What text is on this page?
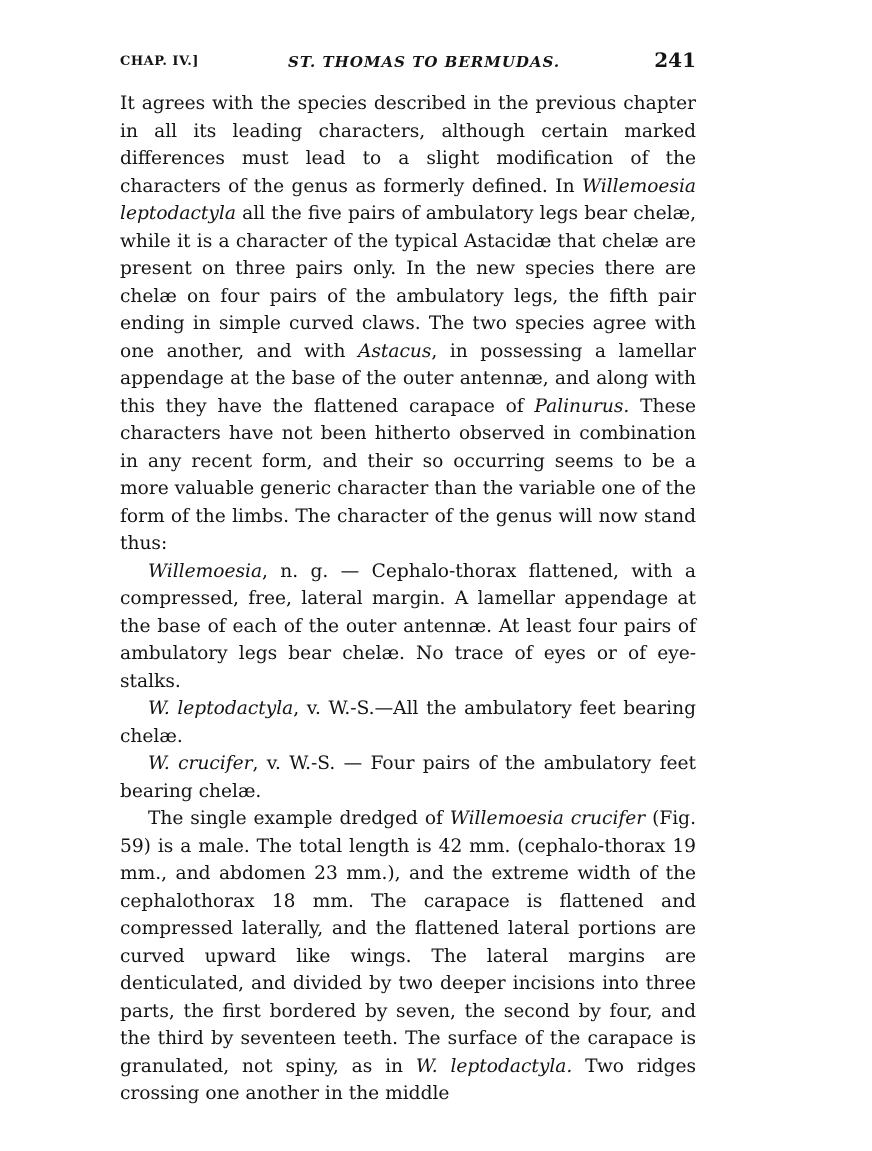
CHAP. IV.]	ST. THOMAS TO BERMUDAS.	241

It agrees with the species described in the previous chapter in all its leading characters, although certain marked differences must lead to a slight modification of the characters of the genus as formerly defined. In Willemoesia leptodactyla all the five pairs of ambulatory legs bear chelæ, while it is a character of the typical Astacidæ that chelæ are present on three pairs only. In the new species there are chelæ on four pairs of the ambulatory legs, the fifth pair ending in simple curved claws. The two species agree with one another, and with Astacus, in possessing a lamellar appendage at the base of the outer antennæ, and along with this they have the flattened carapace of Palinurus. These characters have not been hitherto observed in combination in any recent form, and their so occurring seems to be a more valuable generic character than the variable one of the form of the limbs. The character of the genus will now stand thus:

Willemoesia, n. g. — Cephalo-thorax flattened, with a compressed, free, lateral margin. A lamellar appendage at the base of each of the outer antennæ. At least four pairs of ambulatory legs bear chelæ. No trace of eyes or of eye-stalks.

W. leptodactyla, v. W.-S.—All the ambulatory feet bearing chelæ.

W. crucifer, v. W.-S. — Four pairs of the ambulatory feet bearing chelæ.

The single example dredged of Willemoesia crucifer (Fig. 59) is a male. The total length is 42 mm. (cephalo-thorax 19 mm., and abdomen 23 mm.), and the extreme width of the cephalothorax 18 mm. The carapace is flattened and compressed laterally, and the flattened lateral portions are curved upward like wings. The lateral margins are denticulated, and divided by two deeper incisions into three parts, the first bordered by seven, the second by four, and the third by seventeen teeth. The surface of the carapace is granulated, not spiny, as in W. leptodactyla. Two ridges crossing one another in the middle
